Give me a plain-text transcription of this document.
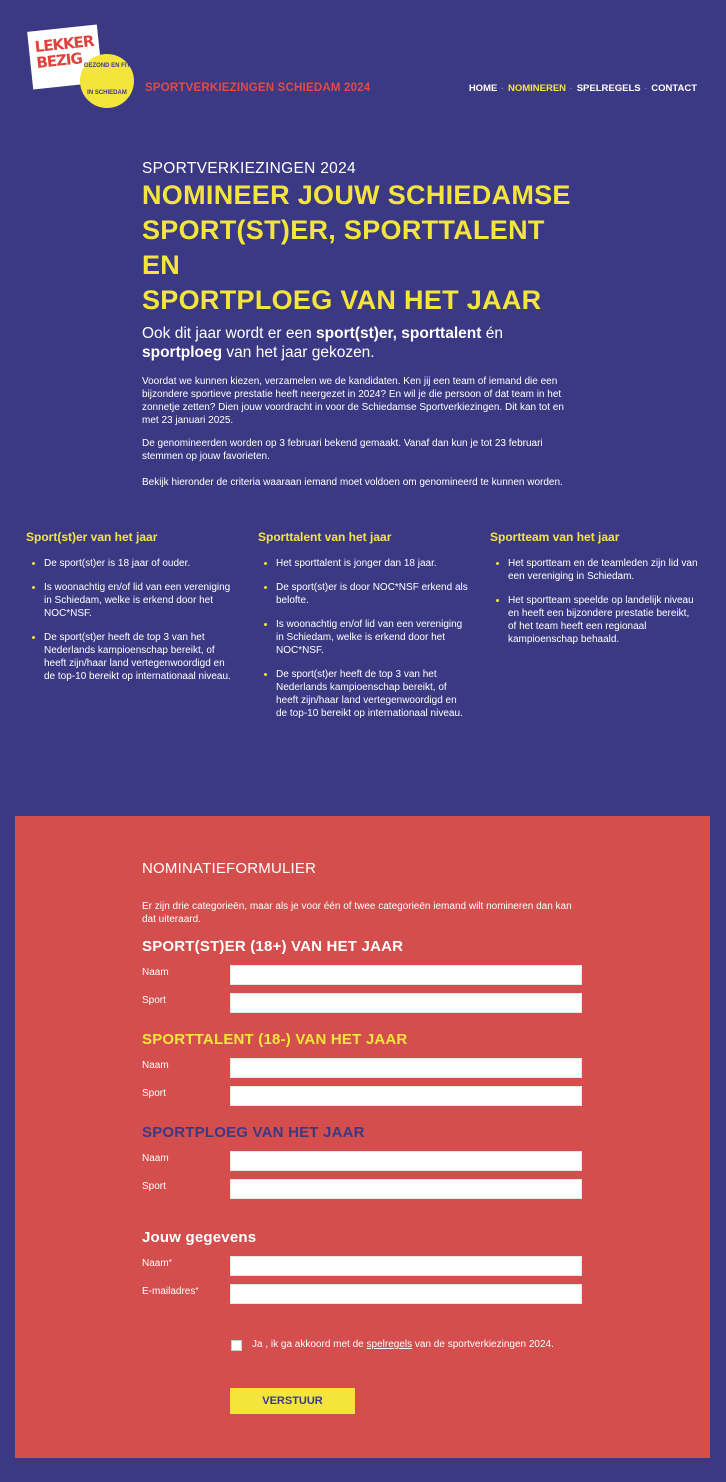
LEKKER
BEZIG GEZOND EN FIT
IN SCHIEDAM	SPORTVERKIEZINGEN SCHIEDAM 2024	HOME · NOMINEREN · SPELREGELS · CONTACT

SPORTVERKIEZINGEN 2024

NOMINEER JOUW SCHIEDAMSE
SPORT(ST)ER, SPORTTALENT EN
SPORTPLOEG VAN HET JAAR
Ook dit jaar wordt er een sport(st)er, sporttalent én
sportploeg van het jaar gekozen.

Voordat we kunnen kiezen, verzamelen we de kandidaten. Ken jij een team of iemand die een bijzondere sportieve prestatie heeft neergezet in 2024? En wil je die persoon of dat team in het zonnetje zetten? Dien jouw voordracht in voor de Schiedamse Sportverkiezingen. Dit kan tot en met 23 januari 2025.

De genomineerden worden op 3 februari bekend gemaakt. Vanaf dan kun je tot 23 februari stemmen op jouw favorieten.

Bekijk hieronder de criteria waaraan iemand moet voldoen om genomineerd te kunnen worden.

Sport(st)er van het jaar
• De sport(st)er is 18 jaar of ouder.
• Is woonachtig en/of lid van een vereniging in Schiedam, welke is erkend door het NOC*NSF.
• De sport(st)er heeft de top 3 van het Nederlands kampioenschap bereikt, of heeft zijn/haar land vertegenwoordigd en de top-10 bereikt op internationaal niveau.
Sporttalent van het jaar
• Het sporttalent is jonger dan 18 jaar.
• De sport(st)er is door NOC*NSF erkend als belofte.
• Is woonachtig en/of lid van een vereniging in Schiedam, welke is erkend door het NOC*NSF.
• De sport(st)er heeft de top 3 van het Nederlands kampioenschap bereikt, of heeft zijn/haar land vertegenwoordigd en de top-10 bereikt op internationaal niveau.
Sportteam van het jaar
• Het sportteam en de teamleden zijn lid van een vereniging in Schiedam.
• Het sportteam speelde op landelijk niveau en heeft een bijzondere prestatie bereikt, of het team heeft een regionaal kampioenschap behaald.
NOMINATIEFORMULIER
Er zijn drie categorieën, maar als je voor één of twee categorieën iemand wilt nomineren dan kan dat uiteraard.
SPORT(ST)ER (18+) VAN HET JAAR
Naam
Sport
SPORTTALENT (18-) VAN HET JAAR
Naam
Sport
SPORTPLOEG VAN HET JAAR
Naam
Sport
Jouw gegevens
Naam*
E-mailadres*
Ja , ik ga akkoord met de spelregels van de sportverkiezingen 2024.
VERSTUUR
